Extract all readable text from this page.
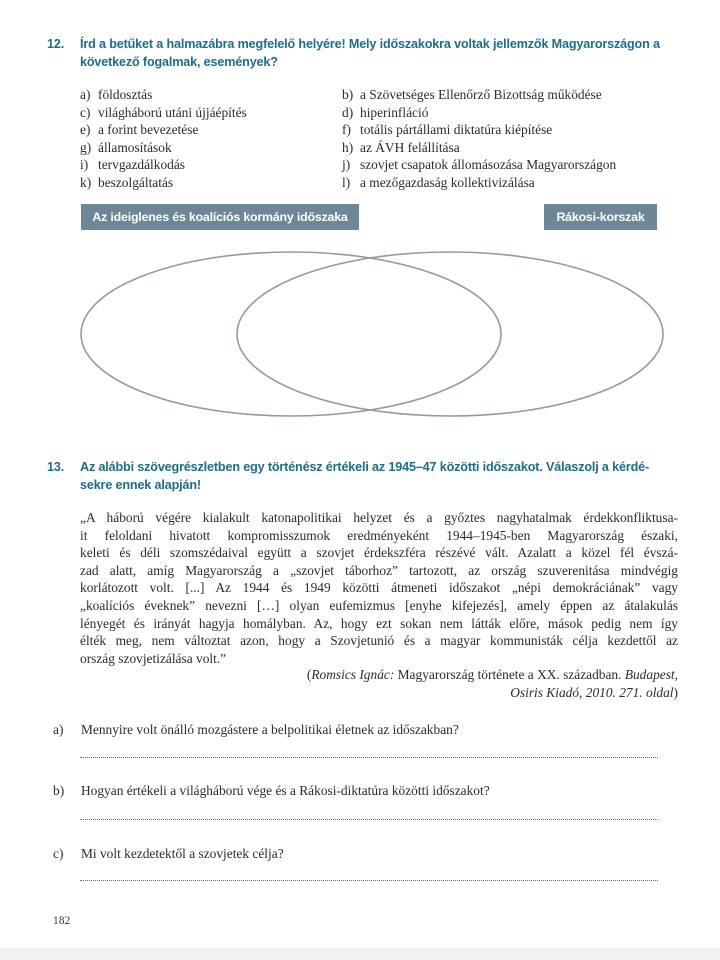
12. Írd a betűket a halmazábra megfelelő helyére! Mely időszakokra voltak jellemzők Magyarországon a következő fogalmak, események?
a) földosztás	b) a Szövetséges Ellenőrző Bizottság működése
c) világháború utáni újjáépítés	d) hiperinfláció
e) a forint bevezetése	f) totális pártállami diktatúra kiépítése
g) államosítások	h) az ÁVH felállítása
i) tervgazdálkodás	j) szovjet csapatok állomásozása Magyarországon
k) beszolgáltatás	l) a mezőgazdaság kollektivizálása
Az ideiglenes és koalíciós kormány időszaka	Rákosi-korszak
13. Az alábbi szövegrészletben egy történész értékeli az 1945–47 közötti időszakot. Válaszolj a kérdé-
sekre ennek alapján!
„A háború végére kialakult katonapolitikai helyzet és a győztes nagyhatalmak érdekkonfliktusa-
it feloldani hivatott kompromisszumok eredményeként 1944–1945-ben Magyarország északi,
keleti és déli szomszédaival együtt a szovjet érdekszféra részévé vált. Azalatt a közel fél évszá-
zad alatt, amíg Magyarország a „szovjet táborhoz” tartozott, az ország szuverenitása mindvégig
korlátozott volt. [...] Az 1944 és 1949 közötti átmeneti időszakot „népi demokráciának” vagy
„koalíciós éveknek” nevezni […] olyan eufemizmus [enyhe kifejezés], amely éppen az átalakulás
lényegét és irányát hagyja homályban. Az, hogy ezt sokan nem látták előre, mások pedig nem így
élték meg, nem változtat azon, hogy a Szovjetunió és a magyar kommunisták célja kezdettől az
ország szovjetizálása volt.”
(Romsics Ignác: Magyarország története a XX. században. Budapest,
Osiris Kiadó, 2010. 271. oldal)
a) Mennyire volt önálló mozgástere a belpolitikai életnek az időszakban?
b) Hogyan értékeli a világháború vége és a Rákosi-diktatúra közötti időszakot?
c) Mi volt kezdetektől a szovjetek célja?
182
